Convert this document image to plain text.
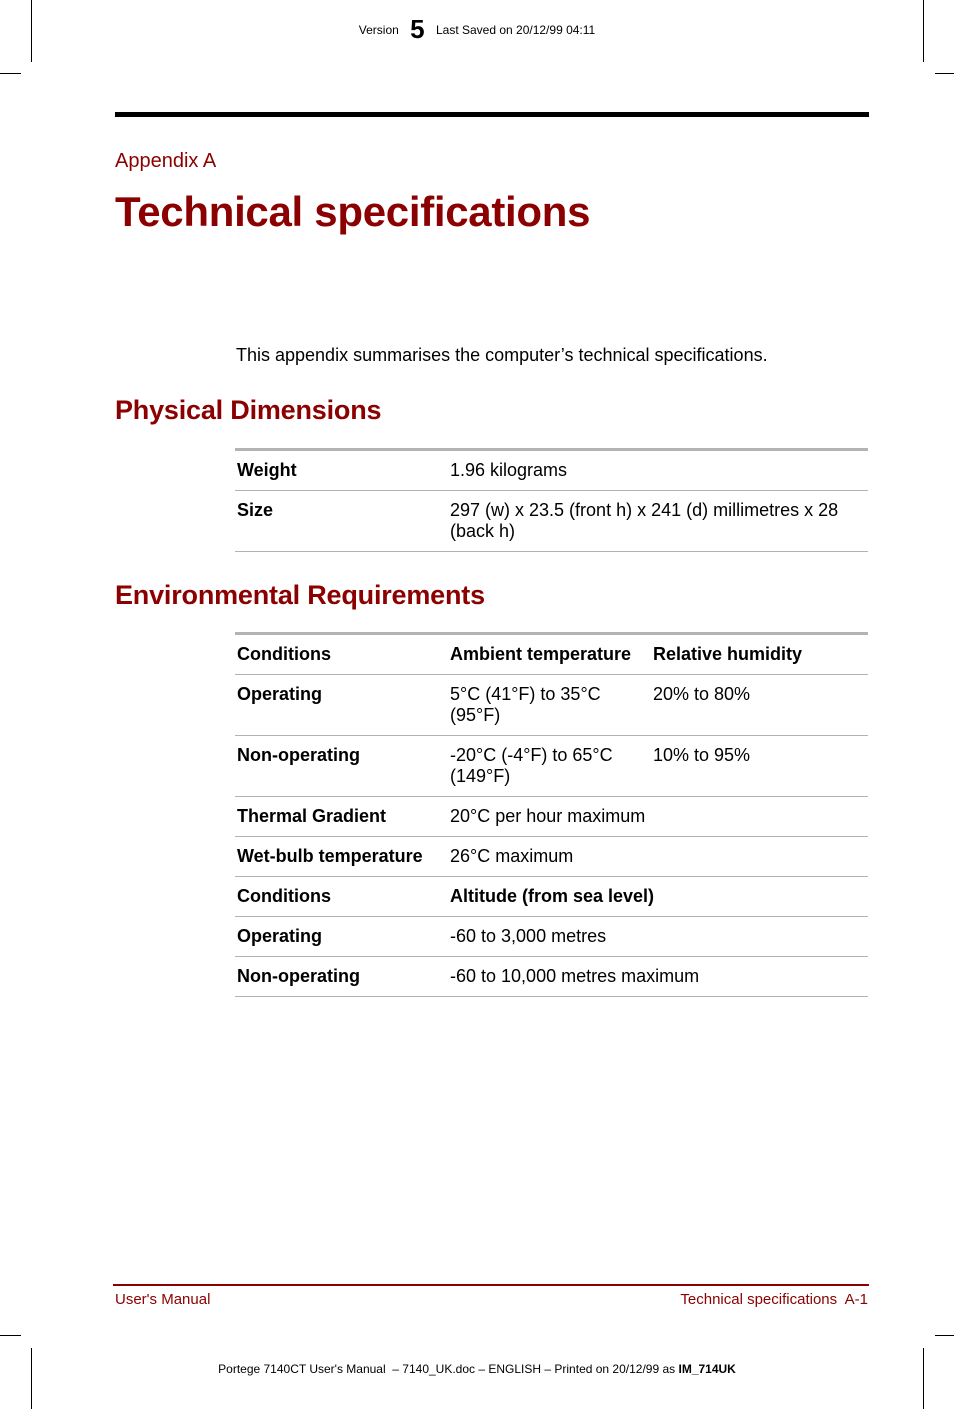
Version 5 Last Saved on 20/12/99 04:11
Appendix A
Technical specifications
This appendix summarises the computer’s technical specifications.
Physical Dimensions
Weight	1.96 kilograms
Size	297 (w) x 23.5 (front h) x 241 (d) millimetres x 28 (back h)
Environmental Requirements
Conditions	Ambient temperature	Relative humidity
Operating	5°C (41°F) to 35°C (95°F)	20% to 80%
Non-operating	-20°C (-4°F) to 65°C (149°F)	10% to 95%
Thermal Gradient	20°C per hour maximum	
Wet-bulb temperature	26°C maximum	
Conditions	Altitude (from sea level)	
Operating	-60 to 3,000 metres	
Non-operating	-60 to 10,000 metres maximum	
User's Manual	Technical specifications  A-1
Portege 7140CT User's Manual  – 7140_UK.doc – ENGLISH – Printed on 20/12/99 as IM_714UK
